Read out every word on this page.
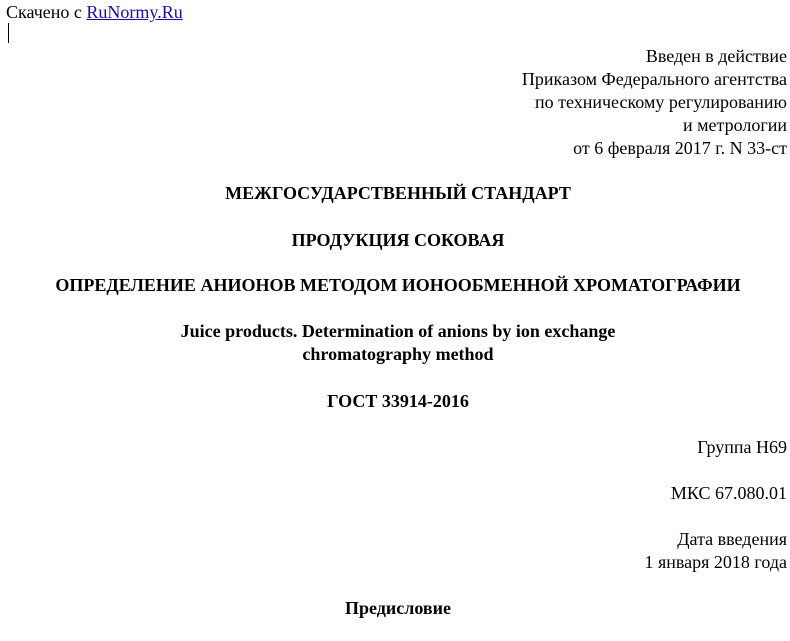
Скачено с RuNormy.Ru
Введен в действие
Приказом Федерального агентства
по техническому регулированию
и метрологии
от 6 февраля 2017 г. N 33-ст
МЕЖГОСУДАРСТВЕННЫЙ СТАНДАРТ
ПРОДУКЦИЯ СОКОВАЯ
ОПРЕДЕЛЕНИЕ АНИОНОВ МЕТОДОМ ИОНООБМЕННОЙ ХРОМАТОГРАФИИ
Juice products. Determination of anions by ion exchange
chromatography method
ГОСТ 33914-2016
Группа H69
МКС 67.080.01
Дата введения
1 января 2018 года
Предисловие
